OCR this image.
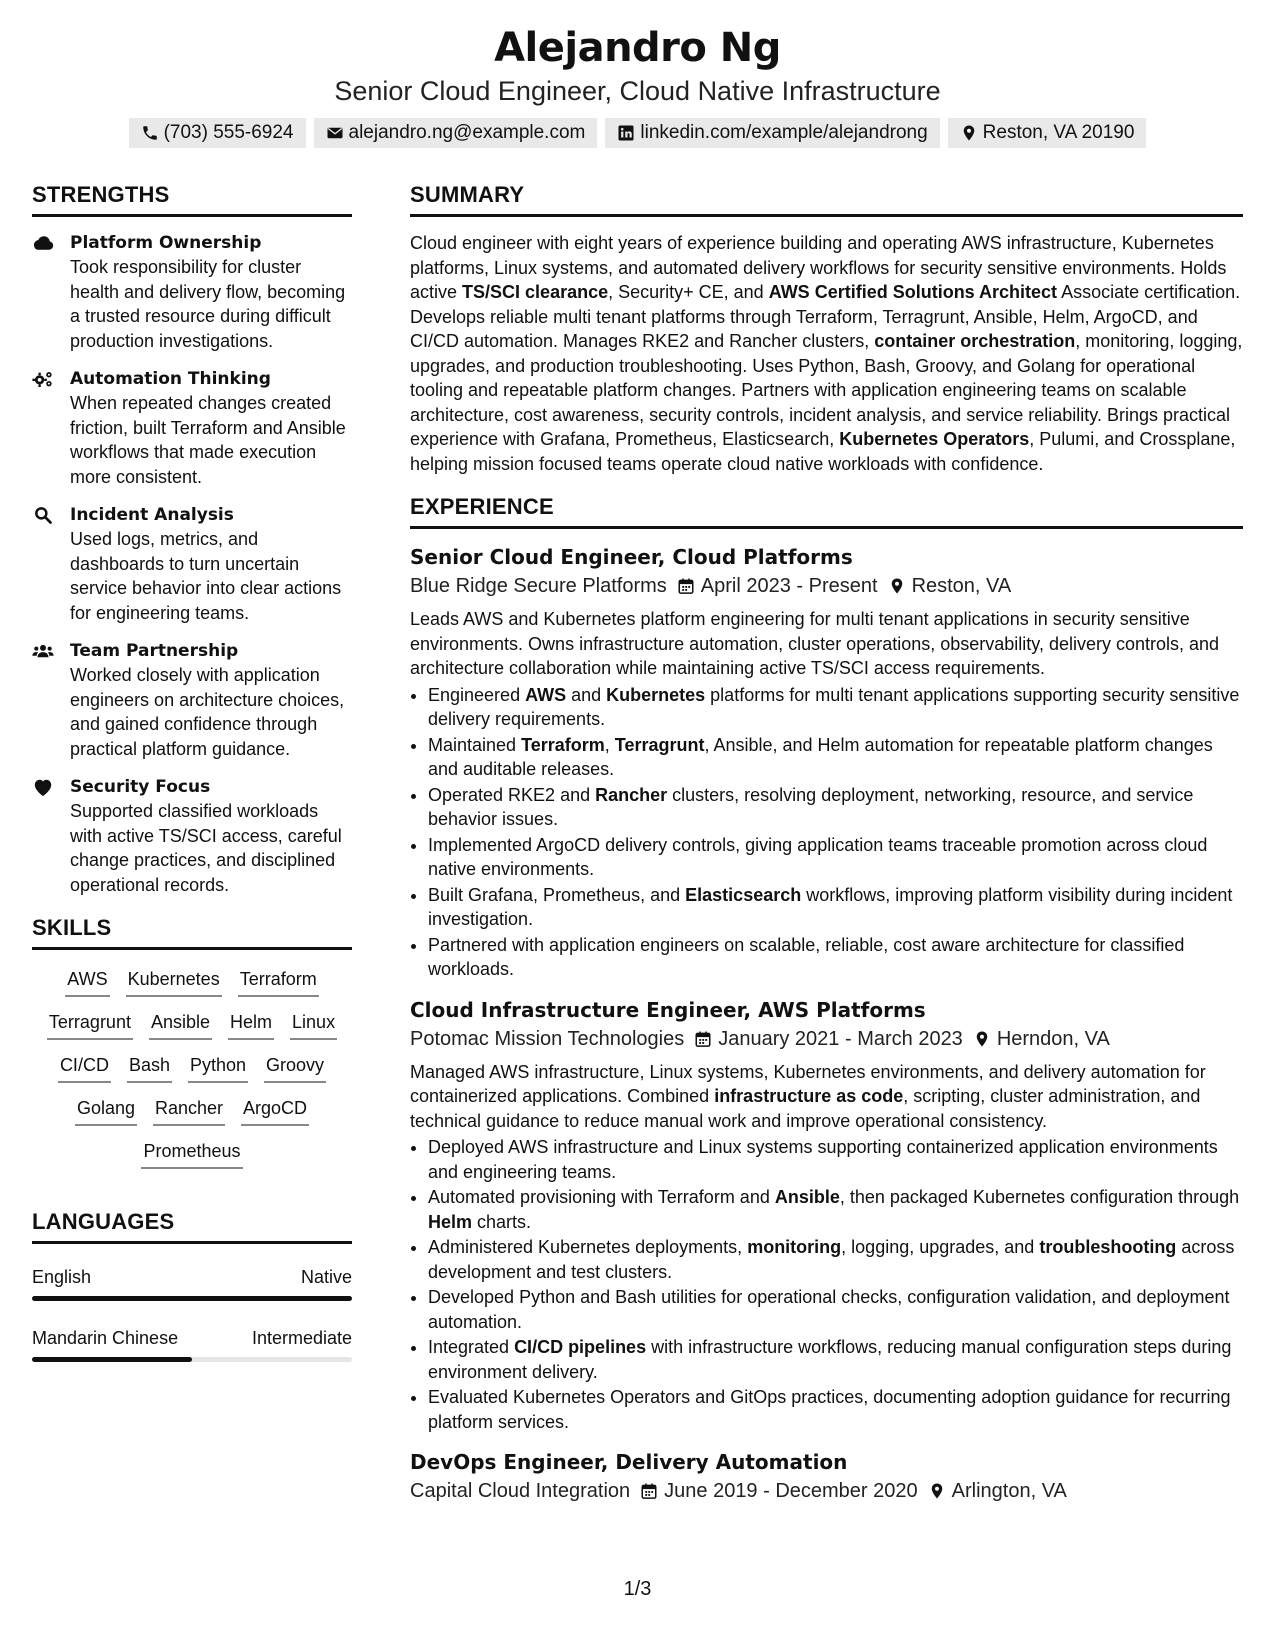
Alejandro Ng
Senior Cloud Engineer, Cloud Native Infrastructure
(703) 555-6924	alejandro.ng@example.com	linkedin.com/example/alejandrong	Reston, VA 20190
STRENGTHS
Platform Ownership
Took responsibility for cluster health and delivery flow, becoming a trusted resource during difficult production investigations.
Automation Thinking
When repeated changes created friction, built Terraform and Ansible workflows that made execution more consistent.
Incident Analysis
Used logs, metrics, and dashboards to turn uncertain service behavior into clear actions for engineering teams.
Team Partnership
Worked closely with application engineers on architecture choices, and gained confidence through practical platform guidance.
Security Focus
Supported classified workloads with active TS/SCI access, careful change practices, and disciplined operational records.
SKILLS
AWS Kubernetes Terraform
Terragrunt Ansible Helm Linux
CI/CD Bash Python Groovy
Golang Rancher ArgoCD
Prometheus
LANGUAGES
English	Native
Mandarin Chinese	Intermediate
SUMMARY
Cloud engineer with eight years of experience building and operating AWS infrastructure, Kubernetes platforms, Linux systems, and automated delivery workflows for security sensitive environments. Holds active TS/SCI clearance, Security+ CE, and AWS Certified Solutions Architect Associate certification. Develops reliable multi tenant platforms through Terraform, Terragrunt, Ansible, Helm, ArgoCD, and CI/CD automation. Manages RKE2 and Rancher clusters, container orchestration, monitoring, logging, upgrades, and production troubleshooting. Uses Python, Bash, Groovy, and Golang for operational tooling and repeatable platform changes. Partners with application engineering teams on scalable architecture, cost awareness, security controls, incident analysis, and service reliability. Brings practical experience with Grafana, Prometheus, Elasticsearch, Kubernetes Operators, Pulumi, and Crossplane, helping mission focused teams operate cloud native workloads with confidence.
EXPERIENCE
Senior Cloud Engineer, Cloud Platforms
Blue Ridge Secure Platforms April 2023 - Present Reston, VA
Leads AWS and Kubernetes platform engineering for multi tenant applications in security sensitive environments. Owns infrastructure automation, cluster operations, observability, delivery controls, and architecture collaboration while maintaining active TS/SCI access requirements.
• Engineered AWS and Kubernetes platforms for multi tenant applications supporting security sensitive delivery requirements.
• Maintained Terraform, Terragrunt, Ansible, and Helm automation for repeatable platform changes and auditable releases.
• Operated RKE2 and Rancher clusters, resolving deployment, networking, resource, and service behavior issues.
• Implemented ArgoCD delivery controls, giving application teams traceable promotion across cloud native environments.
• Built Grafana, Prometheus, and Elasticsearch workflows, improving platform visibility during incident investigation.
• Partnered with application engineers on scalable, reliable, cost aware architecture for classified workloads.
Cloud Infrastructure Engineer, AWS Platforms
Potomac Mission Technologies January 2021 - March 2023 Herndon, VA
Managed AWS infrastructure, Linux systems, Kubernetes environments, and delivery automation for containerized applications. Combined infrastructure as code, scripting, cluster administration, and technical guidance to reduce manual work and improve operational consistency.
• Deployed AWS infrastructure and Linux systems supporting containerized application environments and engineering teams.
• Automated provisioning with Terraform and Ansible, then packaged Kubernetes configuration through Helm charts.
• Administered Kubernetes deployments, monitoring, logging, upgrades, and troubleshooting across development and test clusters.
• Developed Python and Bash utilities for operational checks, configuration validation, and deployment automation.
• Integrated CI/CD pipelines with infrastructure workflows, reducing manual configuration steps during environment delivery.
• Evaluated Kubernetes Operators and GitOps practices, documenting adoption guidance for recurring platform services.
DevOps Engineer, Delivery Automation
Capital Cloud Integration June 2019 - December 2020 Arlington, VA
1/3
